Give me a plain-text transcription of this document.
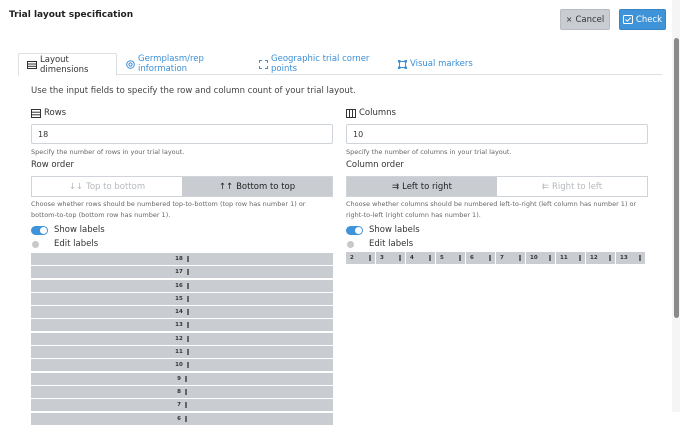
Trial layout specification	× Cancel	Check
Layout dimensions
Germplasm/rep information
Geographic trial corner points	Visual markers
Use the input fields to specify the row and column count of your trial layout.
Rows
18
Specify the number of rows in your trial layout.
Row order
↓↓ Top to bottom	↑↑ Bottom to top
Choose whether rows should be numbered top-to-bottom (top row has number 1) or bottom-to-top (bottom row has number 1).
Show labels
Edit labels
18
17
16
15
14
13
12
11
10
9
8
7
6
Columns
10
Specify the number of columns in your trial layout.
Column order
⇉ Left to right	⇇ Right to left
Choose whether columns should be numbered left-to-right (left column has number 1) or right-to-left (right column has number 1).
Show labels
Edit labels
2	3	4	5	6	7	10	11	12	13
